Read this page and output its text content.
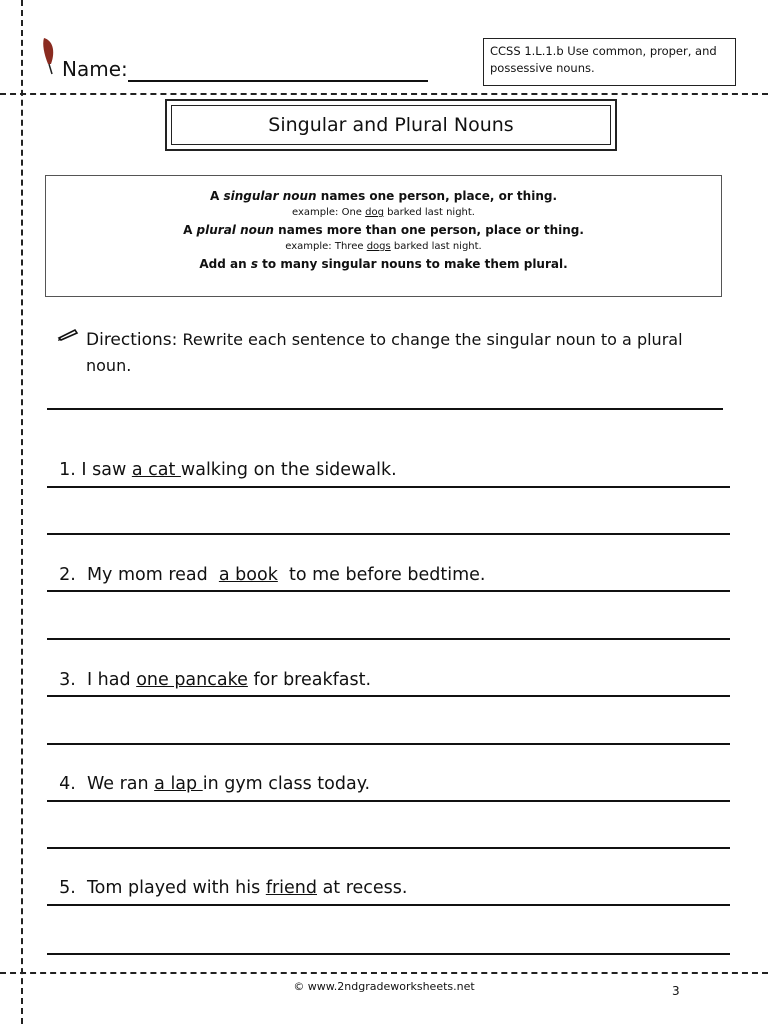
Name:
CCSS 1.L.1.b Use common, proper, and possessive nouns.
Singular and Plural Nouns
A singular noun names one person, place, or thing.
example: One dog barked last night.
A plural noun names more than one person, place or thing.
example: Three dogs barked last night.
Add an s to many singular nouns to make them plural.
Directions: Rewrite each sentence to change the singular noun to a plural noun.

1. I saw a cat walking on the sidewalk.

2.  My mom read  a book  to me before bedtime.

3.  I had one pancake for breakfast.

4.  We ran a lap in gym class today.

5.  Tom played with his friend at recess.

© www.2ndgradeworksheets.net	3
